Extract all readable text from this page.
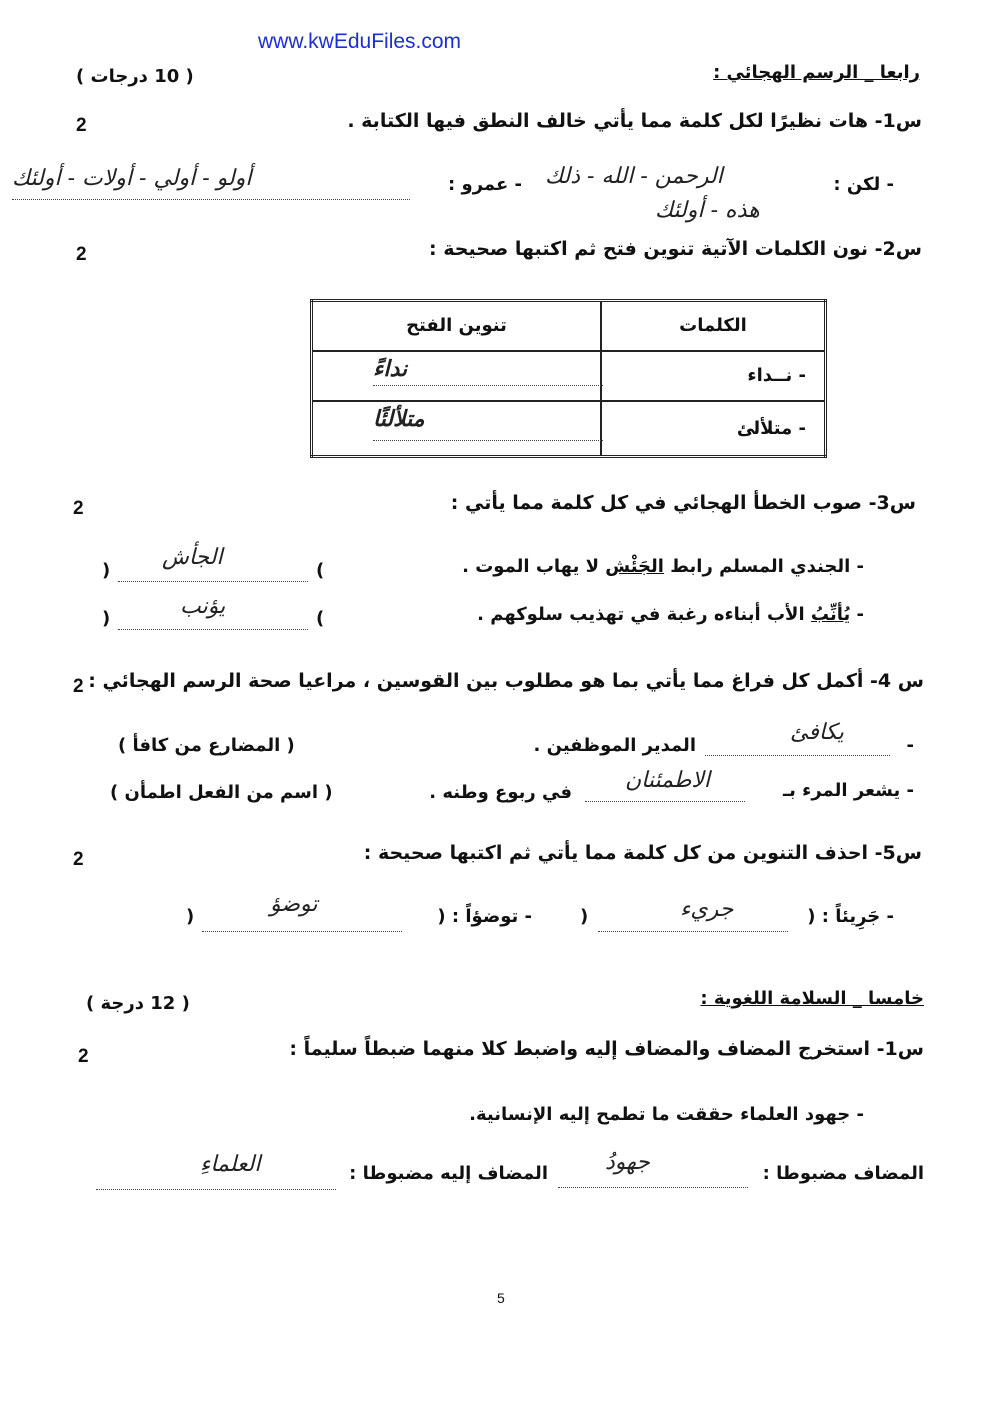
www.kwEduFiles.com
رابعا _ الرسم الهجائي :
( 10 درجات )
س1- هات نظيرًا لكل كلمة مما يأتي خالف النطق فيها الكتابة .
2
- لكن :
الرحمن - الله - ذلك
هذه - أولئك
- عمرو :
أولو - أولي - أولات - أولئك
س2- نون الكلمات الآتية تنوين فتح ثم اكتبها صحيحة :
2
الكلمات	تنوين الفتح
- نــداء	نداءً

- متلألئ	متلألئًا
س3- صوب الخطأ الهجائي في كل كلمة مما يأتي :
2
- الجندي المسلم رابط الجَئْش لا يهاب الموت .
(
الجأش
)
- يُأنِّبُ الأب أبناءه رغبة في تهذيب سلوكهم .
(
يؤنب
)
س 4- أكمل كل فراغ مما يأتي بما هو مطلوب بين القوسين ، مراعيا صحة الرسم الهجائي :
2
-
يكافئ
المدير الموظفين .
( المضارع من كافأ )
- يشعر المرء بـ
الاطمئنان
في ربوع وطنه .
( اسم من الفعل اطمأن )
س5- احذف التنوين من كل كلمة مما يأتي ثم اكتبها صحيحة :
2
- جَرِيئاً : (
جريء
)
- توضؤاً : (
توضؤ
)
خامسا _ السلامة اللغوية :
( 12 درجة )
س1- استخرج المضاف والمضاف إليه واضبط كلا منهما ضبطاً سليماً :
2
- جهود العلماء حققت ما تطمح إليه الإنسانية.
المضاف مضبوطا :
جهودُ
المضاف إليه مضبوطا :
العلماءِ
5
